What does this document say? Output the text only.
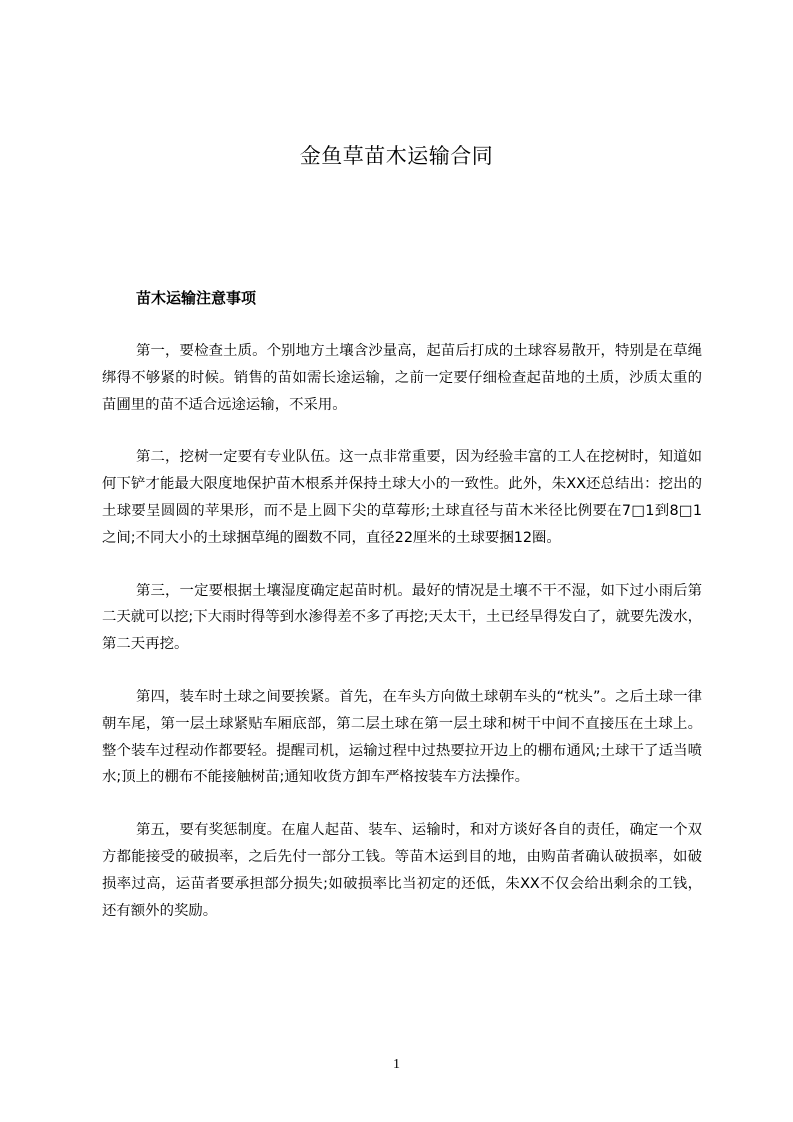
金鱼草苗木运输合同
苗木运输注意事项

第一，要检查土质。个别地方土壤含沙量高，起苗后打成的土球容易散开，特别是在草绳绑得不够紧的时候。销售的苗如需长途运输，之前一定要仔细检查起苗地的土质，沙质太重的苗圃里的苗不适合远途运输，不采用。

第二，挖树一定要有专业队伍。这一点非常重要，因为经验丰富的工人在挖树时，知道如何下铲才能最大限度地保护苗木根系并保持土球大小的一致性。此外，朱XX还总结出：挖出的土球要呈圆圆的苹果形，而不是上圆下尖的草莓形;土球直径与苗木米径比例要在7□1到8□1之间;不同大小的土球捆草绳的圈数不同，直径22厘米的土球要捆12圈。

第三，一定要根据土壤湿度确定起苗时机。最好的情况是土壤不干不湿，如下过小雨后第二天就可以挖;下大雨时得等到水渗得差不多了再挖;天太干，土已经旱得发白了，就要先泼水，第二天再挖。

第四，装车时土球之间要挨紧。首先，在车头方向做土球朝车头的“枕头”。之后土球一律朝车尾，第一层土球紧贴车厢底部，第二层土球在第一层土球和树干中间不直接压在土球上。整个装车过程动作都要轻。提醒司机，运输过程中过热要拉开边上的棚布通风;土球干了适当喷水;顶上的棚布不能接触树苗;通知收货方卸车严格按装车方法操作。

第五，要有奖惩制度。在雇人起苗、装车、运输时，和对方谈好各自的责任，确定一个双方都能接受的破损率，之后先付一部分工钱。等苗木运到目的地，由购苗者确认破损率，如破损率过高，运苗者要承担部分损失;如破损率比当初定的还低，朱XX不仅会给出剩余的工钱，还有额外的奖励。

1
